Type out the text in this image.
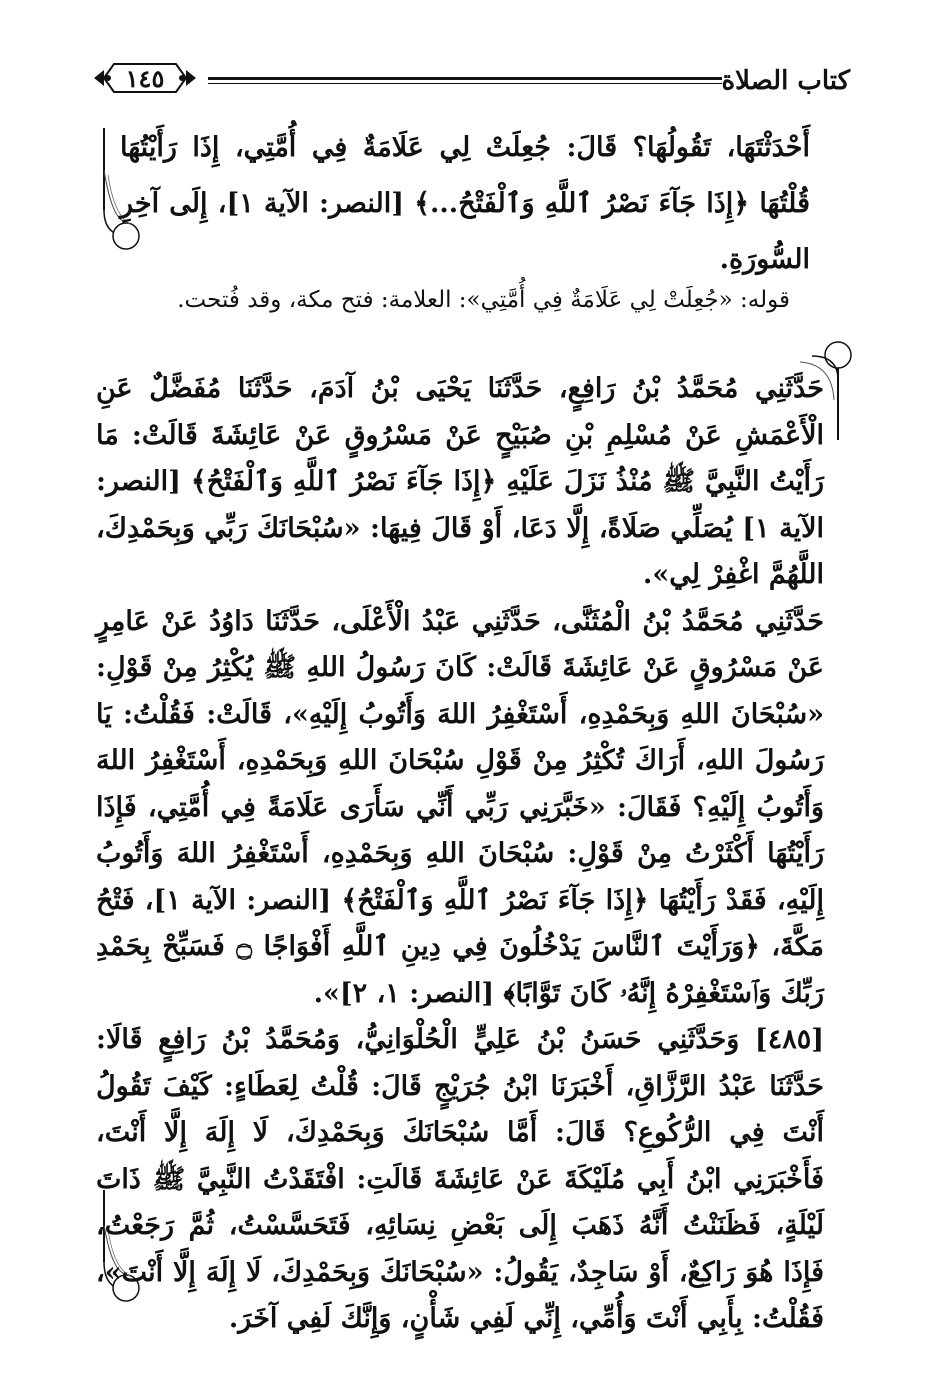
١٤٥	كتاب الصلاة

أَحْدَثْتَهَا، تَقُولُهَا؟ قَالَ: جُعِلَتْ لِي عَلَامَةٌ فِي أُمَّتِي، إِذَا رَأَيْتُهَا قُلْتُهَا ﴿إِذَا جَآءَ نَصْرُ ٱللَّهِ وَٱلْفَتْحُ...﴾ [النصر: الآية ١]، إِلَى آخِرِ السُّورَةِ.

قوله: «جُعِلَتْ لِي عَلَامَةٌ فِي أُمَّتِي»: العلامة: فتح مكة، وقد فُتحت.

حَدَّثَنِي مُحَمَّدُ بْنُ رَافِعٍ، حَدَّثَنَا يَحْيَى بْنُ آدَمَ، حَدَّثَنَا مُفَضَّلٌ عَنِ الْأَعْمَشِ عَنْ مُسْلِمِ بْنِ صُبَيْحٍ عَنْ مَسْرُوقٍ عَنْ عَائِشَةَ قَالَتْ: مَا رَأَيْتُ النَّبِيَّ ﷺ مُنْذُ نَزَلَ عَلَيْهِ ﴿إِذَا جَآءَ نَصْرُ ٱللَّهِ وَٱلْفَتْحُ﴾ [النصر: الآية ١] يُصَلِّي صَلَاةً، إِلَّا دَعَا، أَوْ قَالَ فِيهَا: «سُبْحَانَكَ رَبِّي وَبِحَمْدِكَ، اللَّهُمَّ اغْفِرْ لِي».

حَدَّثَنِي مُحَمَّدُ بْنُ الْمُثَنَّى، حَدَّثَنِي عَبْدُ الْأَعْلَى، حَدَّثَنَا دَاوُدُ عَنْ عَامِرٍ عَنْ مَسْرُوقٍ عَنْ عَائِشَةَ قَالَتْ: كَانَ رَسُولُ اللهِ ﷺ يُكْثِرُ مِنْ قَوْلِ: «سُبْحَانَ اللهِ وَبِحَمْدِهِ، أَسْتَغْفِرُ اللهَ وَأَتُوبُ إِلَيْهِ»، قَالَتْ: فَقُلْتُ: يَا رَسُولَ اللهِ، أَرَاكَ تُكْثِرُ مِنْ قَوْلِ سُبْحَانَ اللهِ وَبِحَمْدِهِ، أَسْتَغْفِرُ اللهَ وَأَتُوبُ إِلَيْهِ؟ فَقَالَ: «خَبَّرَنِي رَبِّي أَنِّي سَأَرَى عَلَامَةً فِي أُمَّتِي، فَإِذَا رَأَيْتُهَا أَكْثَرْتُ مِنْ قَوْلِ: سُبْحَانَ اللهِ وَبِحَمْدِهِ، أَسْتَغْفِرُ اللهَ وَأَتُوبُ إِلَيْهِ، فَقَدْ رَأَيْتُهَا ﴿إِذَا جَآءَ نَصْرُ ٱللَّهِ وَٱلْفَتْحُ﴾ [النصر: الآية ١]، فَتْحُ مَكَّةَ، ﴿وَرَأَيْتَ ٱلنَّاسَ يَدْخُلُونَ فِي دِينِ ٱللَّهِ أَفْوَاجًا ۝ فَسَبِّحْ بِحَمْدِ رَبِّكَ وَٱسْتَغْفِرْهُ إِنَّهُۥ كَانَ تَوَّابًا﴾ [النصر: ١، ٢]».

[٤٨٥] وَحَدَّثَنِي حَسَنُ بْنُ عَلِيٍّ الْحُلْوَانِيُّ، وَمُحَمَّدُ بْنُ رَافِعٍ قَالَا: حَدَّثَنَا عَبْدُ الرَّزَّاقِ، أَخْبَرَنَا ابْنُ جُرَيْجٍ قَالَ: قُلْتُ لِعَطَاءٍ: كَيْفَ تَقُولُ أَنْتَ فِي الرُّكُوعِ؟ قَالَ: أَمَّا سُبْحَانَكَ وَبِحَمْدِكَ، لَا إِلَهَ إِلَّا أَنْتَ، فَأَخْبَرَنِي ابْنُ أَبِي مُلَيْكَةَ عَنْ عَائِشَةَ قَالَتِ: افْتَقَدْتُ النَّبِيَّ ﷺ ذَاتَ لَيْلَةٍ، فَظَنَنْتُ أَنَّهُ ذَهَبَ إِلَى بَعْضِ نِسَائِهِ، فَتَحَسَّسْتُ، ثُمَّ رَجَعْتُ، فَإِذَا هُوَ رَاكِعٌ، أَوْ سَاجِدٌ، يَقُولُ: «سُبْحَانَكَ وَبِحَمْدِكَ، لَا إِلَهَ إِلَّا أَنْتَ»، فَقُلْتُ: بِأَبِي أَنْتَ وَأُمِّي، إِنِّي لَفِي شَأْنٍ، وَإِنَّكَ لَفِي آخَرَ.
